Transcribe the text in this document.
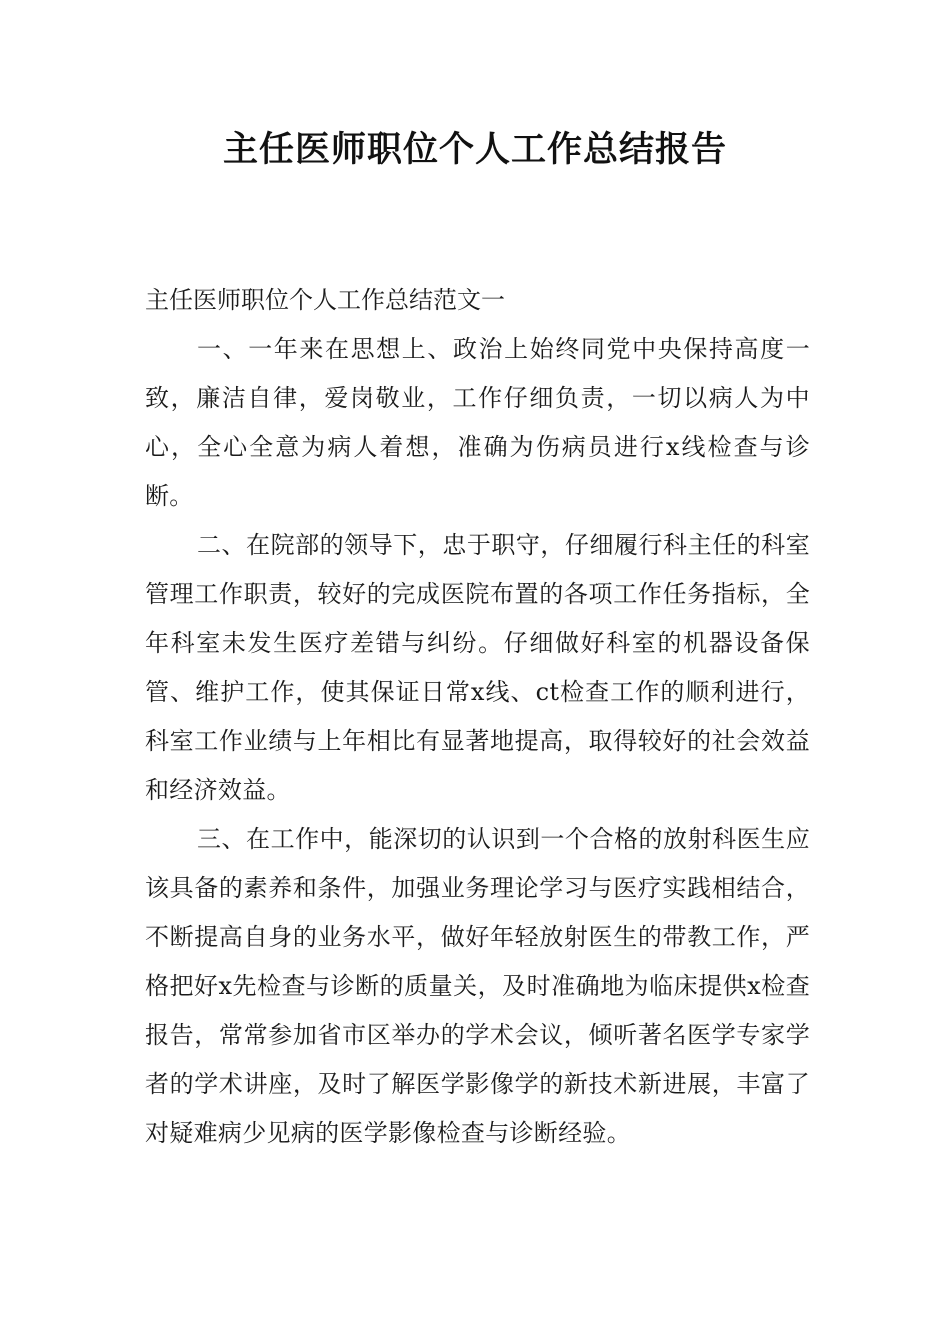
主任医师职位个人工作总结报告

主任医师职位个人工作总结范文一

一、一年来在思想上、政治上始终同党中央保持高度一致，廉洁自律，爱岗敬业，工作仔细负责，一切以病人为中心，全心全意为病人着想，准确为伤病员进行x线检查与诊断。

二、在院部的领导下，忠于职守，仔细履行科主任的科室管理工作职责，较好的完成医院布置的各项工作任务指标，全年科室未发生医疗差错与纠纷。仔细做好科室的机器设备保管、维护工作，使其保证日常x线、ct检查工作的顺利进行，科室工作业绩与上年相比有显著地提高，取得较好的社会效益和经济效益。

三、在工作中，能深切的认识到一个合格的放射科医生应该具备的素养和条件，加强业务理论学习与医疗实践相结合，不断提高自身的业务水平，做好年轻放射医生的带教工作，严格把好x先检查与诊断的质量关，及时准确地为临床提供x检查报告，常常参加省市区举办的学术会议，倾听著名医学专家学者的学术讲座，及时了解医学影像学的新技术新进展，丰富了对疑难病少见病的医学影像检查与诊断经验。
